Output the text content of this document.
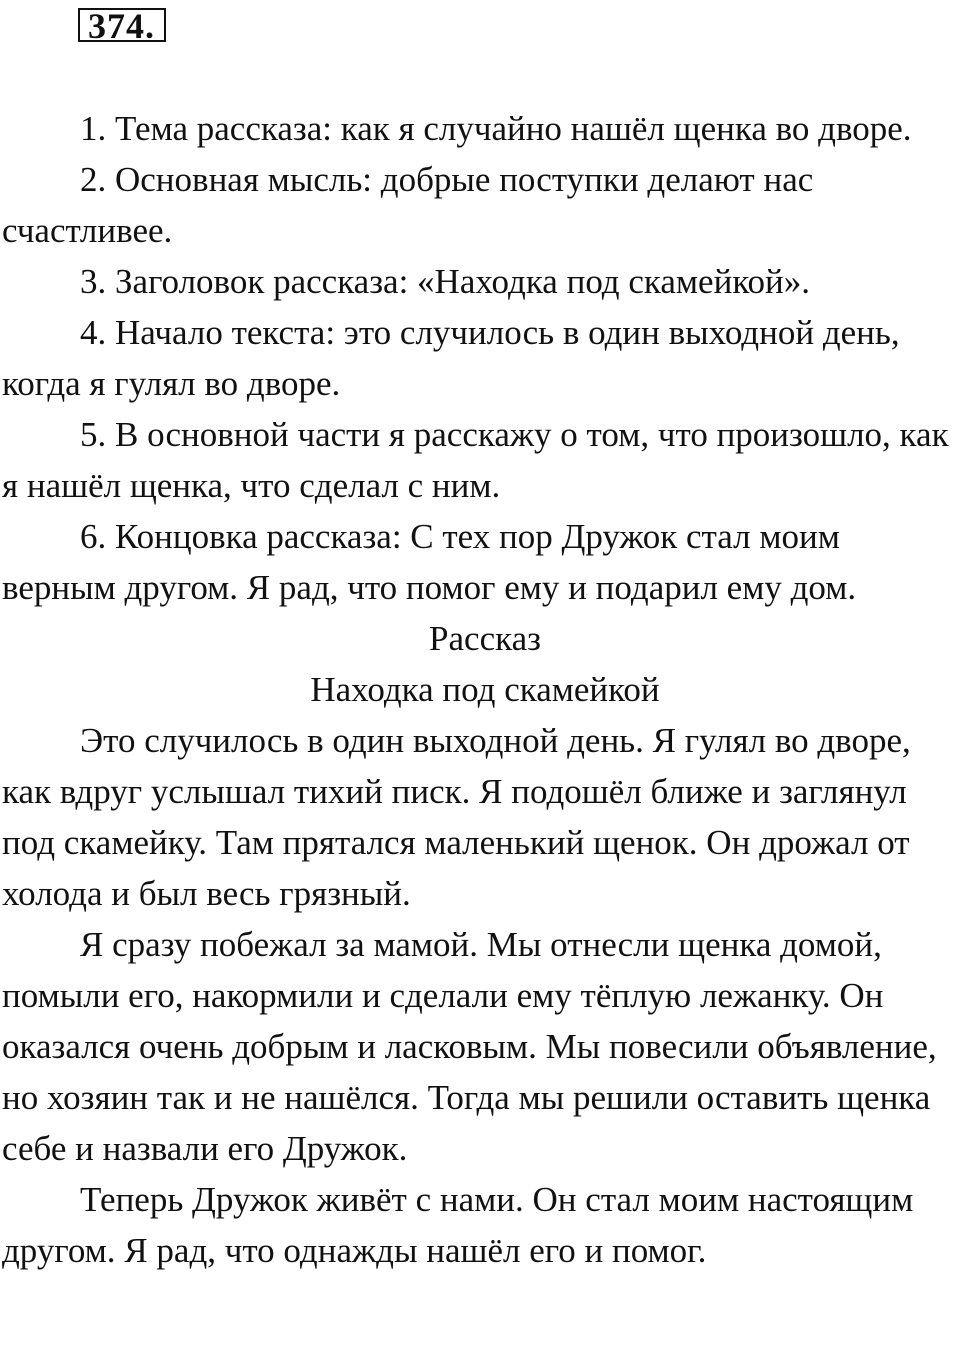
374.

1. Тема рассказа: как я случайно нашёл щенка во дворе.

2. Основная мысль: добрые поступки делают нас счастливее.

3. Заголовок рассказа: «Находка под скамейкой».

4. Начало текста: это случилось в один выходной день, когда я гулял во дворе.

5. В основной части я расскажу о том, что произошло, как я нашёл щенка, что сделал с ним.

6. Концовка рассказа: С тех пор Дружок стал моим верным другом. Я рад, что помог ему и подарил ему дом.

Рассказ

Находка под скамейкой

Это случилось в один выходной день. Я гулял во дворе, как вдруг услышал тихий писк. Я подошёл ближе и заглянул под скамейку. Там прятался маленький щенок. Он дрожал от холода и был весь грязный.

Я сразу побежал за мамой. Мы отнесли щенка домой, помыли его, накормили и сделали ему тёплую лежанку. Он оказался очень добрым и ласковым. Мы повесили объявление, но хозяин так и не нашёлся. Тогда мы решили оставить щенка себе и назвали его Дружок.

Теперь Дружок живёт с нами. Он стал моим настоящим другом. Я рад, что однажды нашёл его и помог.
